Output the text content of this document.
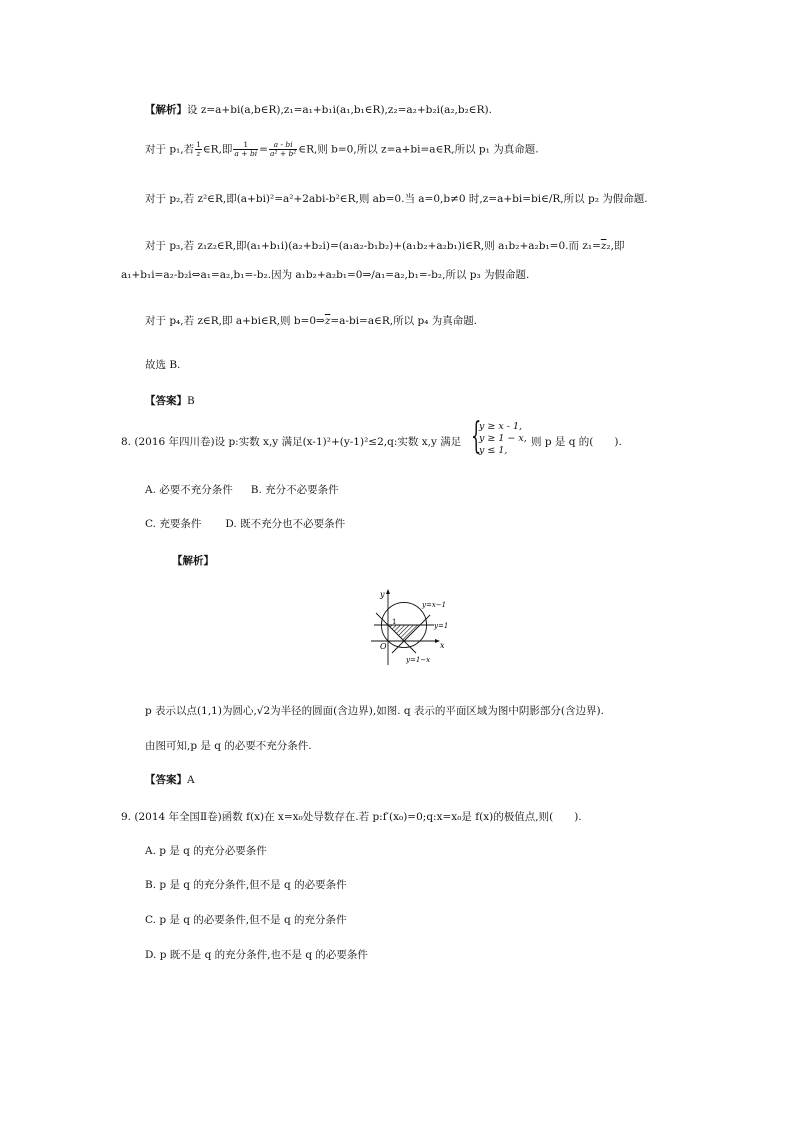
【解析】设 z=a+bi(a,b∈R),z₁=a₁+b₁i(a₁,b₁∈R),z₂=a₂+b₂i(a₂,b₂∈R).
对于 p₁,若 $\frac{1}{z}$ ∈R,即 $\frac{1}{a + bi} = \frac{a - bi}{\text{a² + b²}}$ ∈R,则 b=0,所以 z=a+bi=a∈R,所以 p₁ 为真命题.
对于 p₂,若 z²∈R,即(a+bi)²=a²+2abi-b²∈R,则 ab=0.当 a=0,b≠0 时,z=a+bi=bi∈/R,所以 p₂ 为假命题.
对于 p₃,若 z₁z₂∈R,即(a₁+b₁i)(a₂+b₂i)=(a₁a₂-b₁b₂)+(a₁b₂+a₂b₁)i∈R,则 a₁b₂+a₂b₁=0.而 $z_1=\overline{z}_2$,即
a₁+b₁i=a₂-b₂i⇔a₁=a₂,b₁=-b₂.因为 a₁b₂+a₂b₁=0⇒/a₁=a₂,b₁=-b₂,所以 p₃ 为假命题.
对于 p₄,若 z∈R,即 a+bi∈R,则 $b=0\Rightarrow\overline{z}=a-bi=a\in R$,所以 p₄ 为真命题.
故选 B.
【答案】B
8. (2016 年四川卷)设 p:实数 x,y 满足(x-1)²+(y-1)²≤2,q:实数 x,y 满足 {
y ≥ x - 1,
y ≥ 1 − x,
y ≤ 1,
则 p 是 q 的(　　).
A. 必要不充分条件 B. 充分不必要条件
C. 充要条件 D. 既不充分也不必要条件
【解析】
y
x
O
1
y=x−1
y=1
y=1−x
p 表示以点(1,1)为圆心,√2为半径的圆面(含边界),如图. q 表示的平面区域为图中阴影部分(含边界).
由图可知,p 是 q 的必要不充分条件.
【答案】A
9. (2014 年全国Ⅱ卷)函数 f(x)在 x=x₀处导数存在.若 p:f′(x₀)=0;q:x=x₀是 f(x)的极值点,则(　　).
A. p 是 q 的充分必要条件
B. p 是 q 的充分条件,但不是 q 的必要条件
C. p 是 q 的必要条件,但不是 q 的充分条件
D. p 既不是 q 的充分条件,也不是 q 的必要条件
